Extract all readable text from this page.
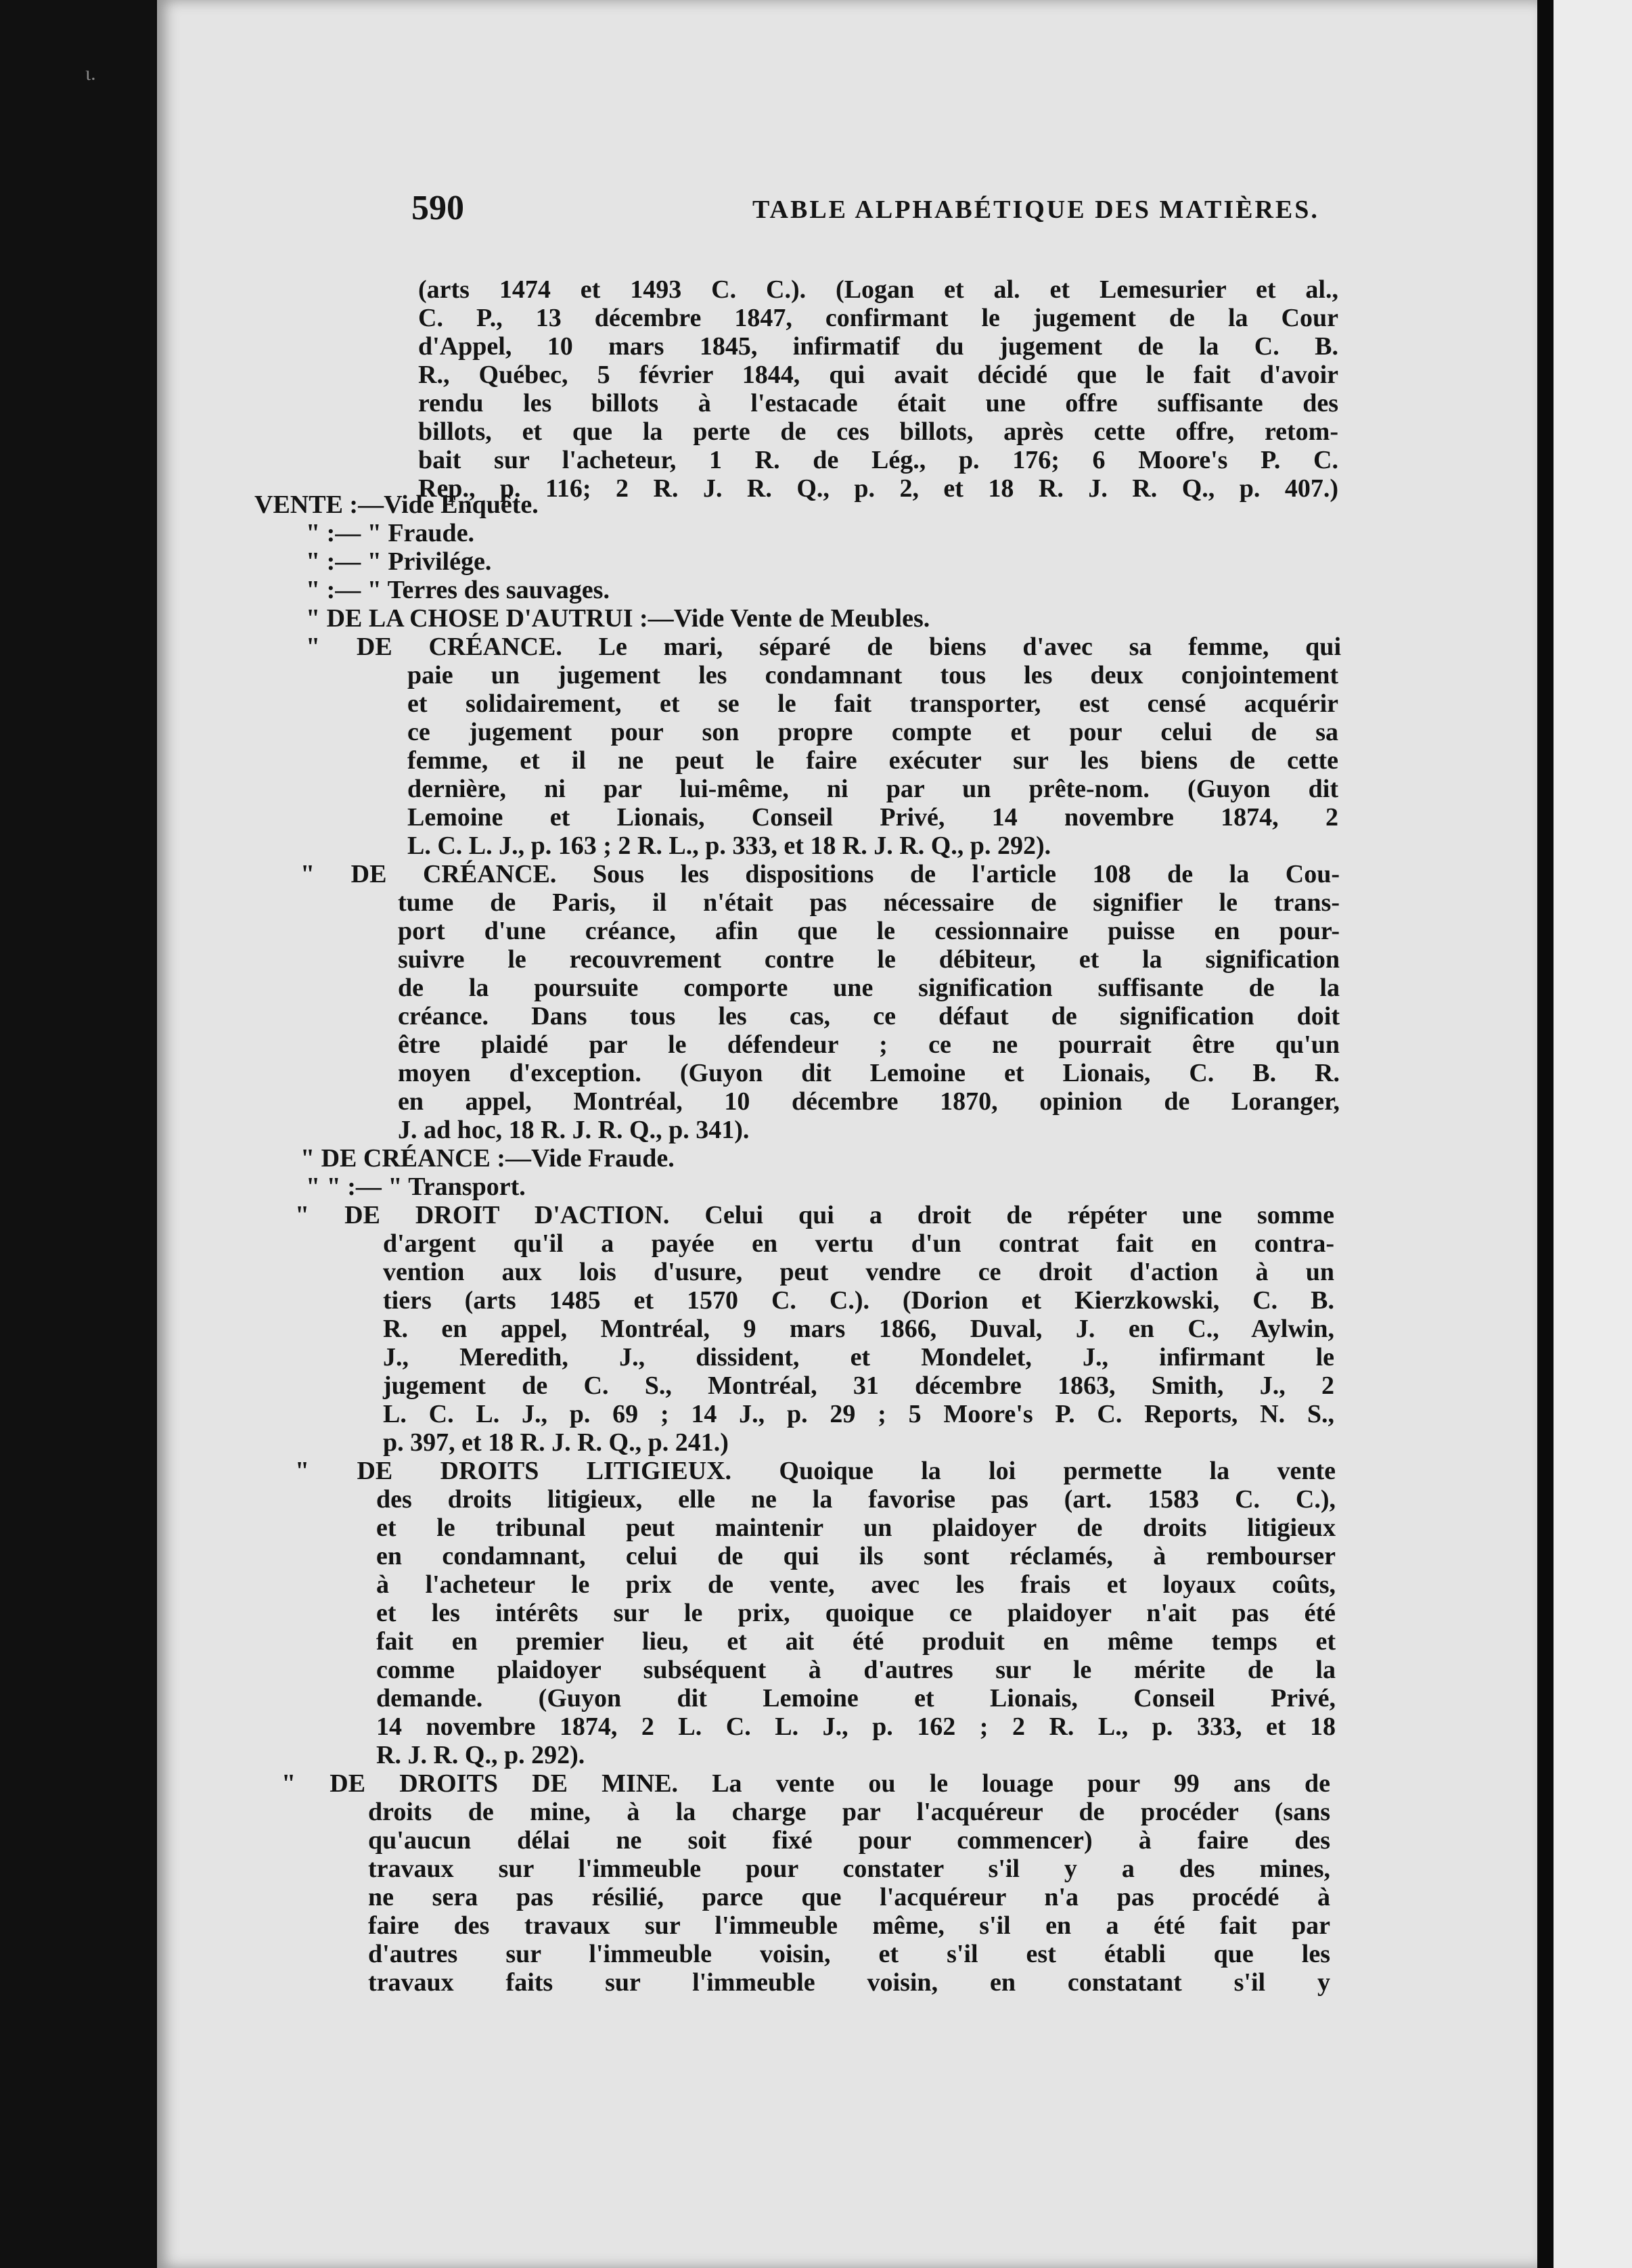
ι.
590	TABLE ALPHABÉTIQUE DES MATIÈRES.
(arts 1474 et 1493 C. C.). (Logan et al. et Lemesurier et al.,
C. P., 13 décembre 1847, confirmant le jugement de la Cour
d'Appel, 10 mars 1845, infirmatif du jugement de la C. B.
R., Québec, 5 février 1844, qui avait décidé que le fait d'avoir
rendu les billots à l'estacade était une offre suffisante des
billots, et que la perte de ces billots, après cette offre, retom-
bait sur l'acheteur, 1 R. de Lég., p. 176; 6 Moore's P. C.
Rep., p. 116; 2 R. J. R. Q., p. 2, et 18 R. J. R. Q., p. 407.)
VENTE :—Vide Enquête.
" :— " Fraude.
" :— " Privilége.
" :— " Terres des sauvages.
" DE LA CHOSE D'AUTRUI :—Vide Vente de Meubles.
" DE CRÉANCE. Le mari, séparé de biens d'avec sa femme, qui
paie un jugement les condamnant tous les deux conjointement
et solidairement, et se le fait transporter, est censé acquérir
ce jugement pour son propre compte et pour celui de sa
femme, et il ne peut le faire exécuter sur les biens de cette
dernière, ni par lui-même, ni par un prête-nom. (Guyon dit
Lemoine et Lionais, Conseil Privé, 14 novembre 1874, 2
L. C. L. J., p. 163 ; 2 R. L., p. 333, et 18 R. J. R. Q., p. 292).
" DE CRÉANCE. Sous les dispositions de l'article 108 de la Cou-
tume de Paris, il n'était pas nécessaire de signifier le trans-
port d'une créance, afin que le cessionnaire puisse en pour-
suivre le recouvrement contre le débiteur, et la signification
de la poursuite comporte une signification suffisante de la
créance. Dans tous les cas, ce défaut de signification doit
être plaidé par le défendeur ; ce ne pourrait être qu'un
moyen d'exception. (Guyon dit Lemoine et Lionais, C. B. R.
en appel, Montréal, 10 décembre 1870, opinion de Loranger,
J. ad hoc, 18 R. J. R. Q., p. 341).
" DE CRÉANCE :—Vide Fraude.
" " :— " Transport.
" DE DROIT D'ACTION. Celui qui a droit de répéter une somme
d'argent qu'il a payée en vertu d'un contrat fait en contra-
vention aux lois d'usure, peut vendre ce droit d'action à un
tiers (arts 1485 et 1570 C. C.). (Dorion et Kierzkowski, C. B.
R. en appel, Montréal, 9 mars 1866, Duval, J. en C., Aylwin,
J., Meredith, J., dissident, et Mondelet, J., infirmant le
jugement de C. S., Montréal, 31 décembre 1863, Smith, J., 2
L. C. L. J., p. 69 ; 14 J., p. 29 ; 5 Moore's P. C. Reports, N. S.,
p. 397, et 18 R. J. R. Q., p. 241.)
" DE DROITS LITIGIEUX. Quoique la loi permette la vente
des droits litigieux, elle ne la favorise pas (art. 1583 C. C.),
et le tribunal peut maintenir un plaidoyer de droits litigieux
en condamnant, celui de qui ils sont réclamés, à rembourser
à l'acheteur le prix de vente, avec les frais et loyaux coûts,
et les intérêts sur le prix, quoique ce plaidoyer n'ait pas été
fait en premier lieu, et ait été produit en même temps et
comme plaidoyer subséquent à d'autres sur le mérite de la
demande. (Guyon dit Lemoine et Lionais, Conseil Privé,
14 novembre 1874, 2 L. C. L. J., p. 162 ; 2 R. L., p. 333, et 18
R. J. R. Q., p. 292).
" DE DROITS DE MINE. La vente ou le louage pour 99 ans de
droits de mine, à la charge par l'acquéreur de procéder (sans
qu'aucun délai ne soit fixé pour commencer) à faire des
travaux sur l'immeuble pour constater s'il y a des mines,
ne sera pas résilié, parce que l'acquéreur n'a pas procédé à
faire des travaux sur l'immeuble même, s'il en a été fait par
d'autres sur l'immeuble voisin, et s'il est établi que les
travaux faits sur l'immeuble voisin, en constatant s'il y
